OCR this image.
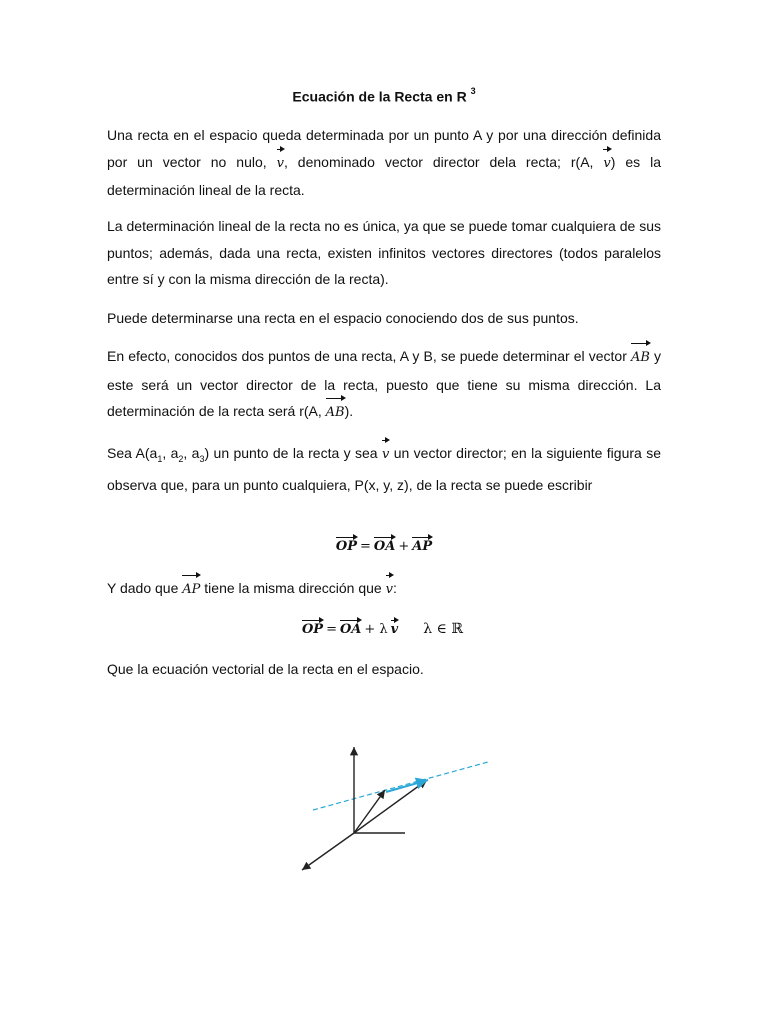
Ecuación de la Recta en R $^3$

Una recta en el espacio queda determinada por un punto A y por una dirección definida por un vector no nulo, v, denominado vector director dela recta; r(A, v) es la determinación lineal de la recta.

La determinación lineal de la recta no es única, ya que se puede tomar cualquiera de sus puntos; además, dada una recta, existen infinitos vectores directores (todos paralelos entre sí y con la misma dirección de la recta).

Puede determinarse una recta en el espacio conociendo dos de sus puntos.

En efecto, conocidos dos puntos de una recta, A y B, se puede determinar el vector AB y este será un vector director de la recta, puesto que tiene su misma dirección. La determinación de la recta será r(A, AB).

Sea $A(a_1$, $a_2$, $a_3$) un punto de la recta y sea v un vector director; en la siguiente figura se observa que, para un punto cualquiera, P(x, y, z), de la recta se puede escribir

OP = OA + AP

Y dado que AP tiene la misma dirección que v:

OP = OA + λ v λ ∈ ℝ

Que la ecuación vectorial de la recta en el espacio.
